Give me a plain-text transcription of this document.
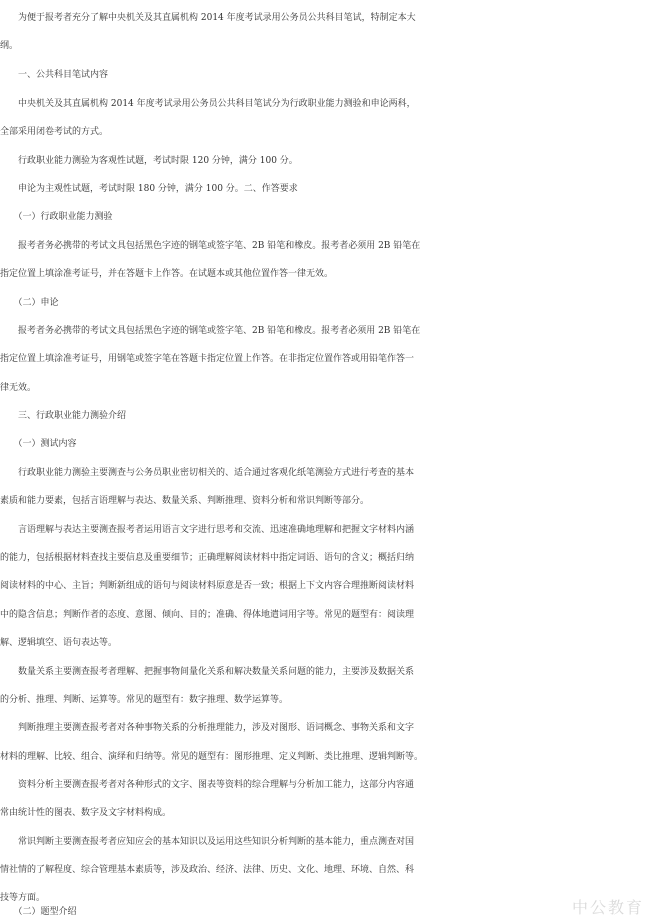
　　为便于报考者充分了解中央机关及其直属机构 2014 年度考试录用公务员公共科目笔试，特制定本大
纲。
　　一、公共科目笔试内容
　　中央机关及其直属机构 2014 年度考试录用公务员公共科目笔试分为行政职业能力测验和申论两科，
全部采用闭卷考试的方式。
　　行政职业能力测验为客观性试题，考试时限 120 分钟，满分 100 分。
　　申论为主观性试题，考试时限 180 分钟，满分 100 分。二、作答要求
　　（一）行政职业能力测验
　　报考者务必携带的考试文具包括黑色字迹的钢笔或签字笔、2B 铅笔和橡皮。报考者必须用 2B 铅笔在
指定位置上填涂准考证号，并在答题卡上作答。在试题本或其他位置作答一律无效。
　　（二）申论
　　报考者务必携带的考试文具包括黑色字迹的钢笔或签字笔、2B 铅笔和橡皮。报考者必须用 2B 铅笔在
指定位置上填涂准考证号，用钢笔或签字笔在答题卡指定位置上作答。在非指定位置作答或用铅笔作答一
律无效。
　　三、行政职业能力测验介绍
　　（一）测试内容
　　行政职业能力测验主要测查与公务员职业密切相关的、适合通过客观化纸笔测验方式进行考查的基本
素质和能力要素，包括言语理解与表达、数量关系、判断推理、资料分析和常识判断等部分。
　　言语理解与表达主要测查报考者运用语言文字进行思考和交流、迅速准确地理解和把握文字材料内涵
的能力，包括根据材料查找主要信息及重要细节；正确理解阅读材料中指定词语、语句的含义；概括归纳
阅读材料的中心、主旨；判断新组成的语句与阅读材料原意是否一致；根据上下文内容合理推断阅读材料
中的隐含信息；判断作者的态度、意图、倾向、目的；准确、得体地遣词用字等。常见的题型有：阅读理
解、逻辑填空、语句表达等。
　　数量关系主要测查报考者理解、把握事物间量化关系和解决数量关系问题的能力，主要涉及数据关系
的分析、推理、判断、运算等。常见的题型有：数字推理、数学运算等。
　　判断推理主要测查报考者对各种事物关系的分析推理能力，涉及对图形、语词概念、事物关系和文字
材料的理解、比较、组合、演绎和归纳等。常见的题型有：图形推理、定义判断、类比推理、逻辑判断等。
　　资料分析主要测查报考者对各种形式的文字、图表等资料的综合理解与分析加工能力，这部分内容通
常由统计性的图表、数字及文字材料构成。
　　常识判断主要测查报考者应知应会的基本知识以及运用这些知识分析判断的基本能力，重点测查对国
情社情的了解程度、综合管理基本素质等，涉及政治、经济、法律、历史、文化、地理、环境、自然、科
技等方面。
　　（二）题型介绍	中公教育
